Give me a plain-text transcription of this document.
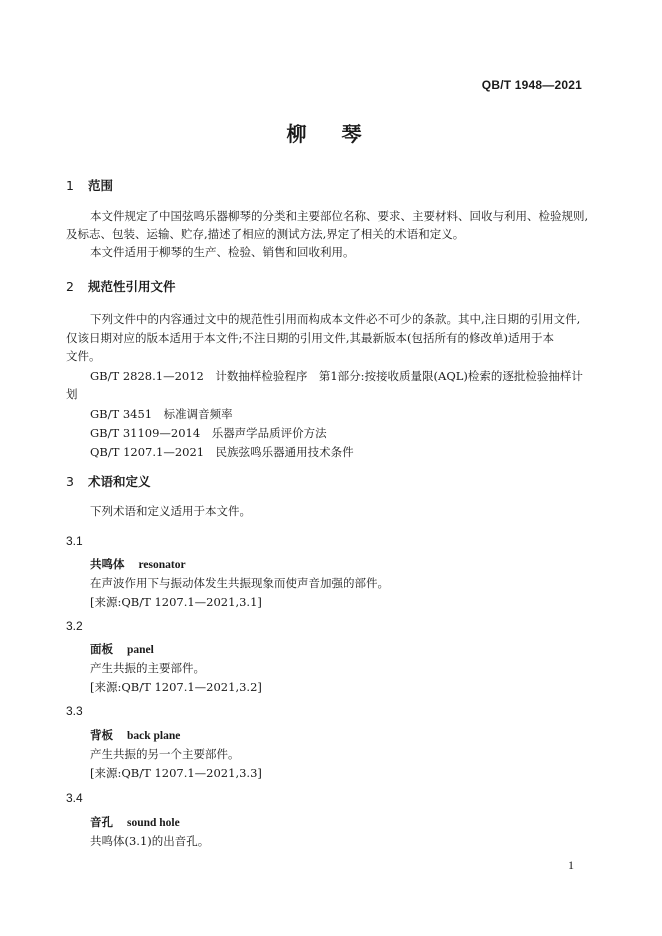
QB/T 1948—2021
柳 琴
1 范围
本文件规定了中国弦鸣乐器柳琴的分类和主要部位名称、要求、主要材料、回收与利用、检验规则,
及标志、包装、运输、贮存,描述了相应的测试方法,界定了相关的术语和定义。
本文件适用于柳琴的生产、检验、销售和回收利用。
2 规范性引用文件
下列文件中的内容通过文中的规范性引用而构成本文件必不可少的条款。其中,注日期的引用文件,
仅该日期对应的版本适用于本文件;不注日期的引用文件,其最新版本(包括所有的修改单)适用于本
文件。
GB/T 2828.1—2012　计数抽样检验程序　第1部分:按接收质量限(AQL)检索的逐批检验抽样计
划
GB/T 3451　标准调音频率
GB/T 31109—2014　乐器声学品质评价方法
QB/T 1207.1—2021　民族弦鸣乐器通用技术条件
3 术语和定义
下列术语和定义适用于本文件。
3.1
共鸣体 resonator
在声波作用下与振动体发生共振现象而使声音加强的部件。
[来源:QB/T 1207.1—2021,3.1]
3.2
面板 panel
产生共振的主要部件。
[来源:QB/T 1207.1—2021,3.2]
3.3
背板 back plane
产生共振的另一个主要部件。
[来源:QB/T 1207.1—2021,3.3]
3.4
音孔 sound hole
共鸣体(3.1)的出音孔。
1
